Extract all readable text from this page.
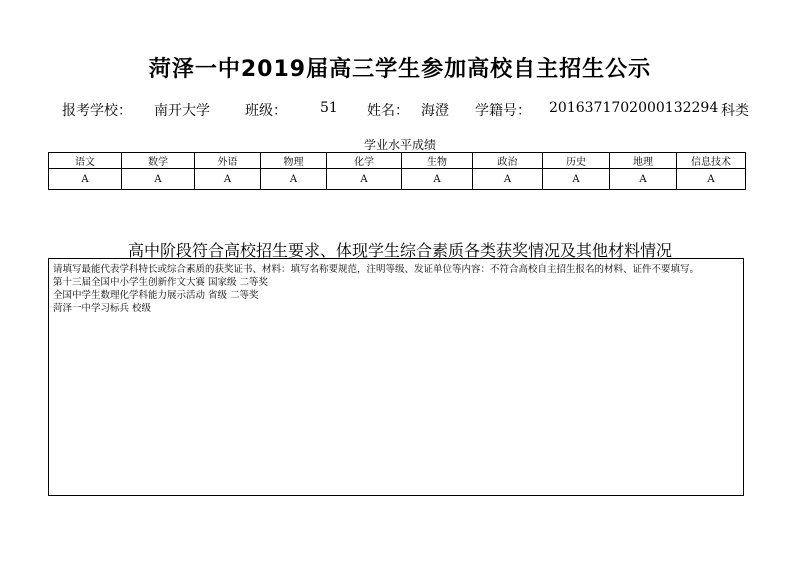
菏泽一中2019届高三学生参加高校自主招生公示
报考学校： 南开大学	班级： 51 姓名： 海澄 学籍号： 2016371702000132294 科类
学业水平成绩
语文	数学	外语	物理	化学	生物	政治	历史	地理	信息技术
A	A	A	A	A	A	A	A	A	A
高中阶段符合高校招生要求、体现学生综合素质各类获奖情况及其他材料情况

请填写最能代表学科特长或综合素质的获奖证书、材料：填写名称要规范，注明等级、发证单位等内容：不符合高校自主招生报名的材料、证件不要填写。

第十三届全国中小学生创新作文大赛 国家级 二等奖

全国中学生数理化学科能力展示活动 省级 二等奖

菏泽一中学习标兵 校级
